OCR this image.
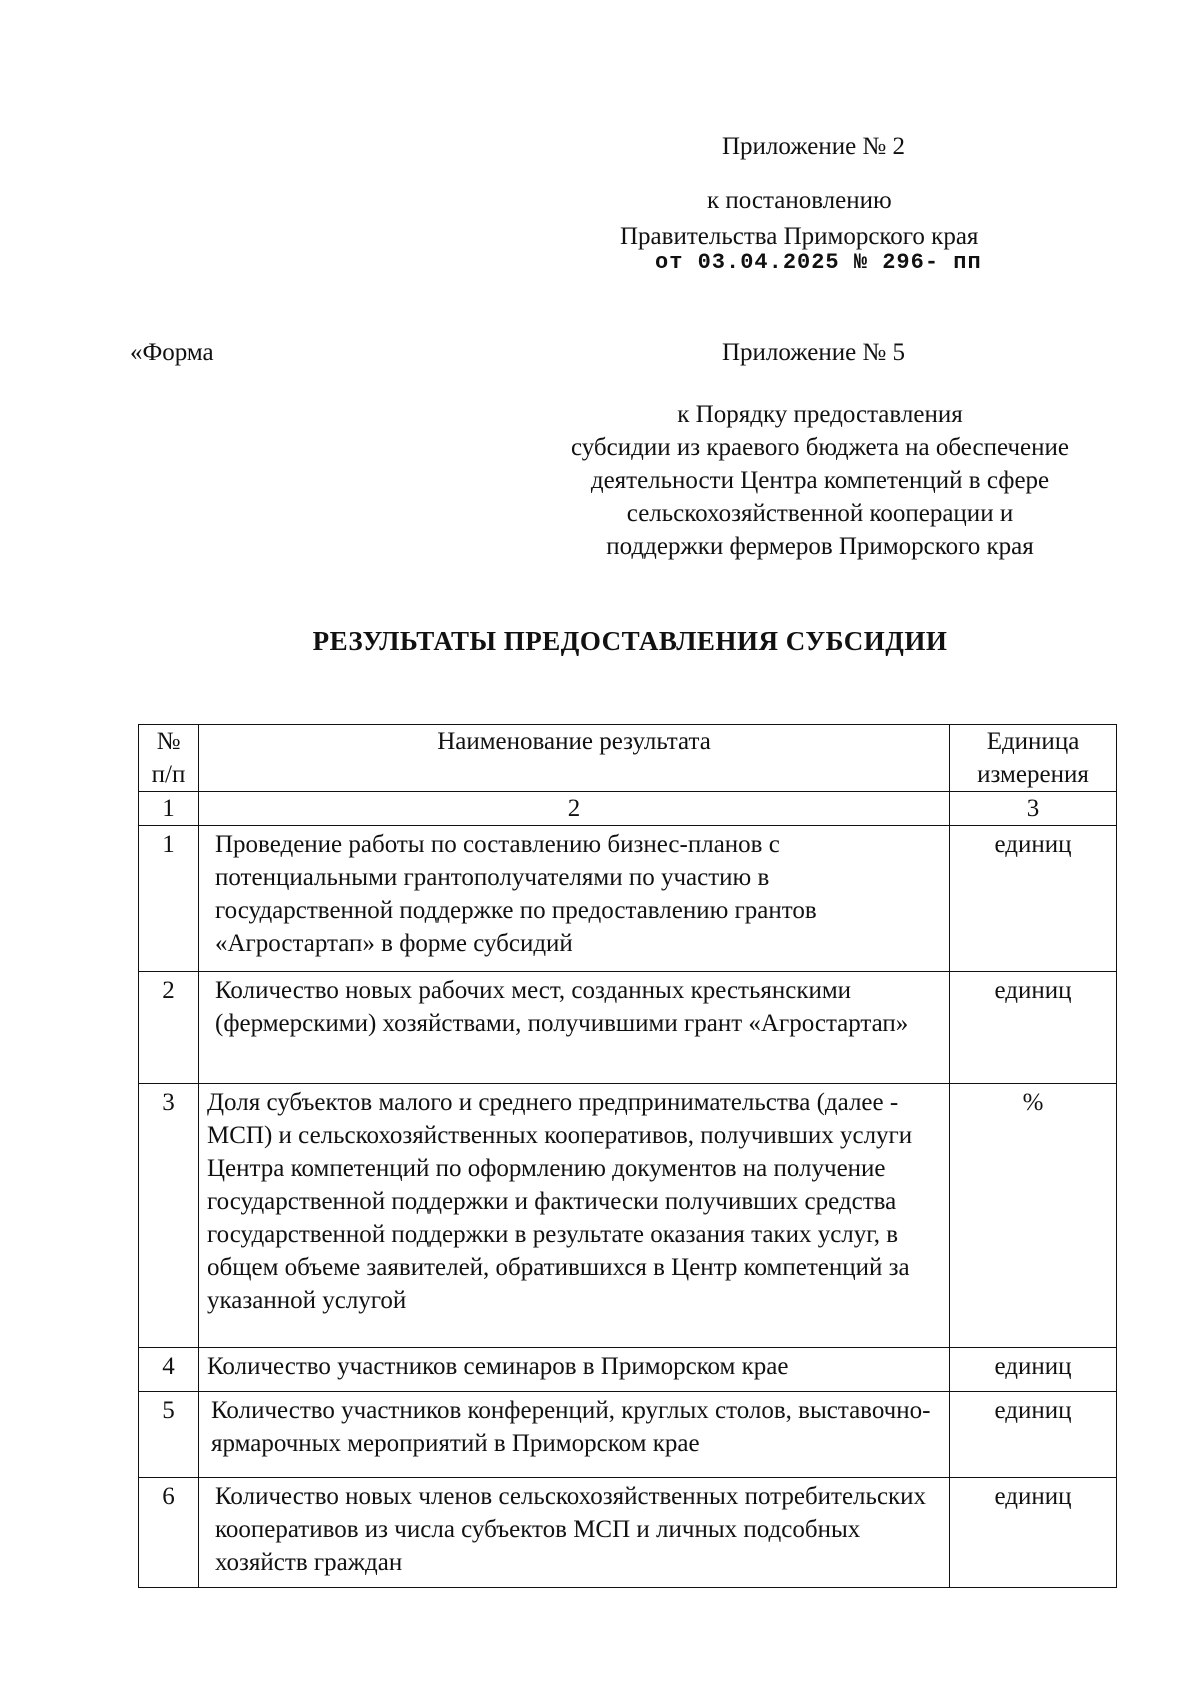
Приложение № 2
к постановлению
Правительства Приморского края
от 03.04.2025 № 296- пп
«Форма	Приложение № 5
к Порядку предоставления
субсидии из краевого бюджета на обеспечение
деятельности Центра компетенций в сфере
сельскохозяйственной кооперации и
поддержки фермеров Приморского края
РЕЗУЛЬТАТЫ ПРЕДОСТАВЛЕНИЯ СУБСИДИИ
№ п/п	Наименование результата	Единица измерения
1	2	3
1	Проведение работы по составлению бизнес-планов с потенциальными грантополучателями по участию в государственной поддержке по предоставлению грантов «Агростартап» в форме субсидий	единиц
2	Количество новых рабочих мест, созданных крестьянскими (фермерскими) хозяйствами, получившими грант «Агростартап»	единиц
3	Доля субъектов малого и среднего предпринимательства (далее - МСП) и сельскохозяйственных кооперативов, получивших услуги Центра компетенций по оформлению документов на получение государственной поддержки и фактически получивших средства государственной поддержки в результате оказания таких услуг, в общем объеме заявителей, обратившихся в Центр компетенций за указанной услугой	%
4	Количество участников семинаров в Приморском крае	единиц
5	Количество участников конференций, круглых столов, выставочно-ярмарочных мероприятий в Приморском крае	единиц
6	Количество новых членов сельскохозяйственных потребительских кооперативов из числа субъектов МСП и личных подсобных хозяйств граждан	единиц
